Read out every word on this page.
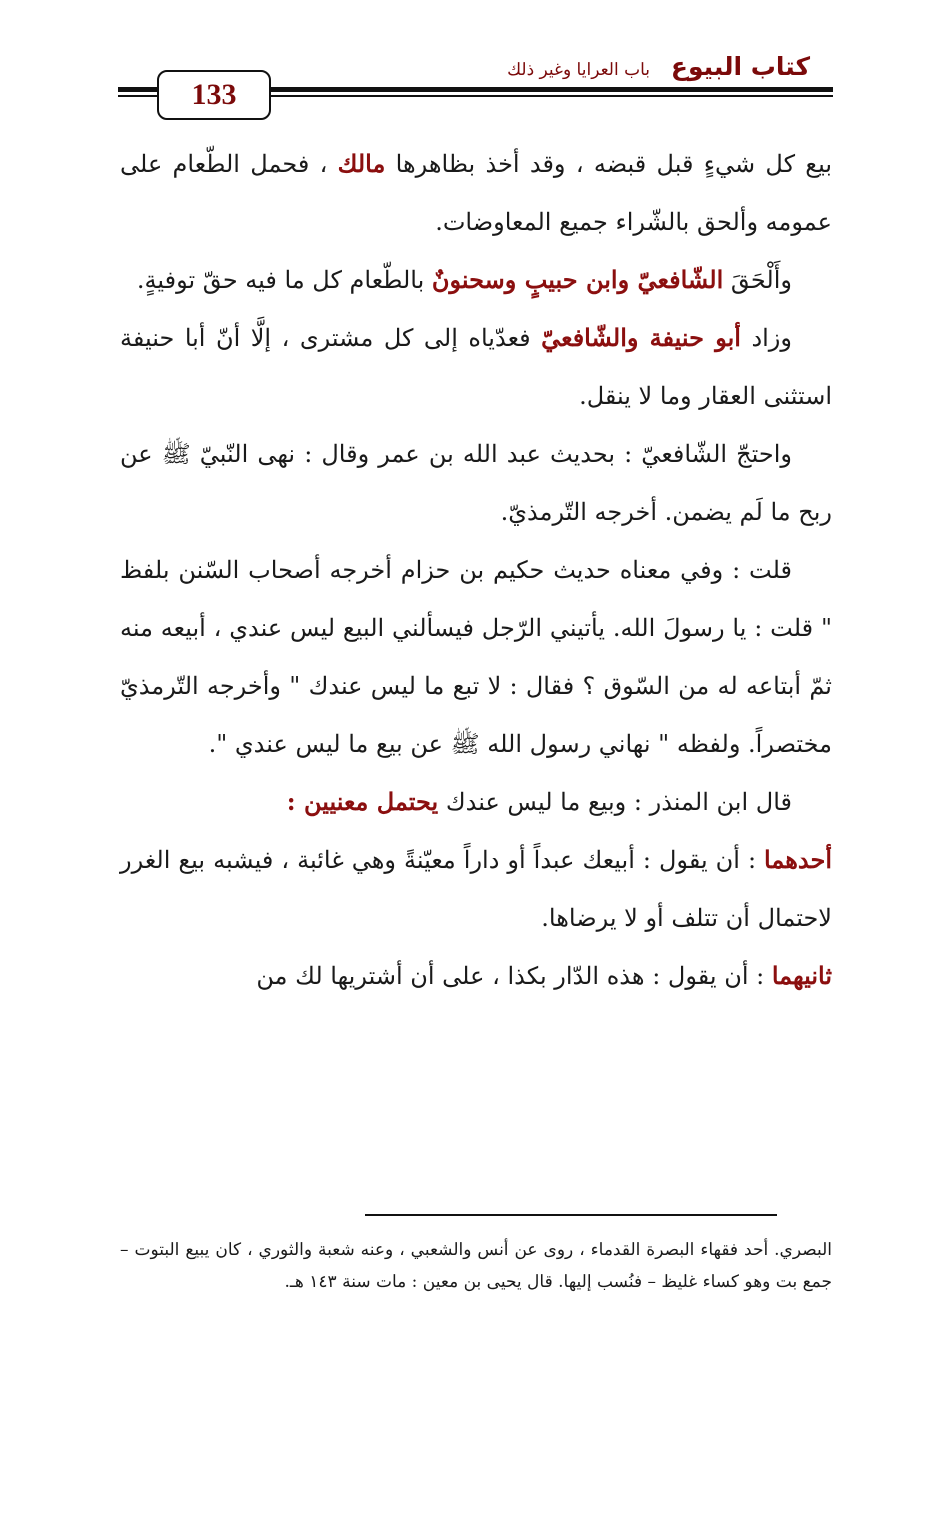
كتاب البيوع
باب العرايا وغير ذلك
133

بيع كل شيءٍ قبل قبضه ، وقد أخذ بظاهرها مالك ، فحمل الطّعام على عمومه وألحق بالشّراء جميع المعاوضات.

وأَلْحَقَ الشّافعيّ وابن حبيبٍ وسحنونٌ بالطّعام كل ما فيه حقّ توفيةٍ.

وزاد أبو حنيفة والشّافعيّ فعدّياه إلى كل مشترى ، إلَّا أنّ أبا حنيفة استثنى العقار وما لا ينقل.

واحتجّ الشّافعيّ : بحديث عبد الله بن عمر وقال : نهى النّبيّ ﷺ عن ربح ما لَم يضمن. أخرجه التّرمذيّ.

قلت : وفي معناه حديث حكيم بن حزام أخرجه أصحاب السّنن بلفظ " قلت : يا رسولَ الله. يأتيني الرّجل فيسألني البيع ليس عندي ، أبيعه منه ثمّ أبتاعه له من السّوق ؟ فقال : لا تبع ما ليس عندك " وأخرجه التّرمذيّ مختصراً. ولفظه " نهاني رسول الله ﷺ عن بيع ما ليس عندي ".

قال ابن المنذر : وبيع ما ليس عندك يحتمل معنيين :

أحدهما : أن يقول : أبيعك عبداً أو داراً معيّنةً وهي غائبة ، فيشبه بيع الغرر لاحتمال أن تتلف أو لا يرضاها.

ثانيهما : أن يقول : هذه الدّار بكذا ، على أن أشتريها لك من

البصري. أحد فقهاء البصرة القدماء ، روى عن أنس والشعبي ، وعنه شعبة والثوري ، كان يبيع البتوت – جمع بت وهو كساء غليظ – فنُسب إليها. قال يحيى بن معين : مات سنة ١٤٣ هـ.
